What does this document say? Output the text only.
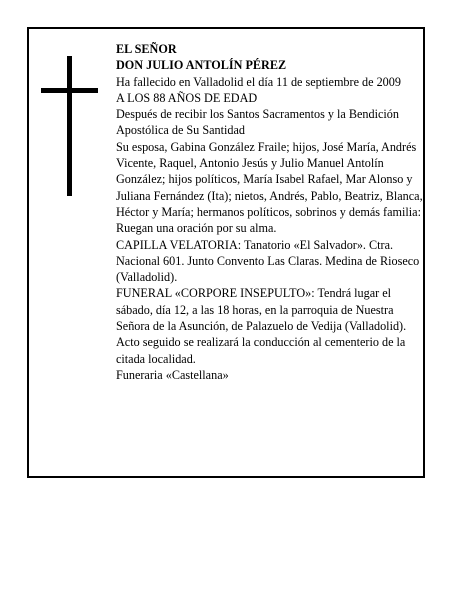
EL SEÑOR

DON JULIO ANTOLÍN PÉREZ

Ha fallecido en Valladolid el día 11 de septiembre de 2009

A LOS 88 AÑOS DE EDAD

Después de recibir los Santos Sacramentos y la Bendición Apostólica de Su Santidad

Su esposa, Gabina González Fraile; hijos, José María, Andrés Vicente, Raquel, Antonio Jesús y Julio Manuel Antolín González; hijos políticos, María Isabel Rafael, Mar Alonso y Juliana Fernández (Ita); nietos, Andrés, Pablo, Beatriz, Blanca, Héctor y María; hermanos políticos, sobrinos y demás familia:

Ruegan una oración por su alma.

CAPILLA VELATORIA: Tanatorio «El Salvador». Ctra. Nacional 601. Junto Convento Las Claras. Medina de Rioseco (Valladolid).

FUNERAL «CORPORE INSEPULTO»: Tendrá lugar el sábado, día 12, a las 18 horas, en la parroquia de Nuestra Señora de la Asunción, de Palazuelo de Vedija (Valladolid). Acto seguido se realizará la conducción al cementerio de la citada localidad.

Funeraria «Castellana»
